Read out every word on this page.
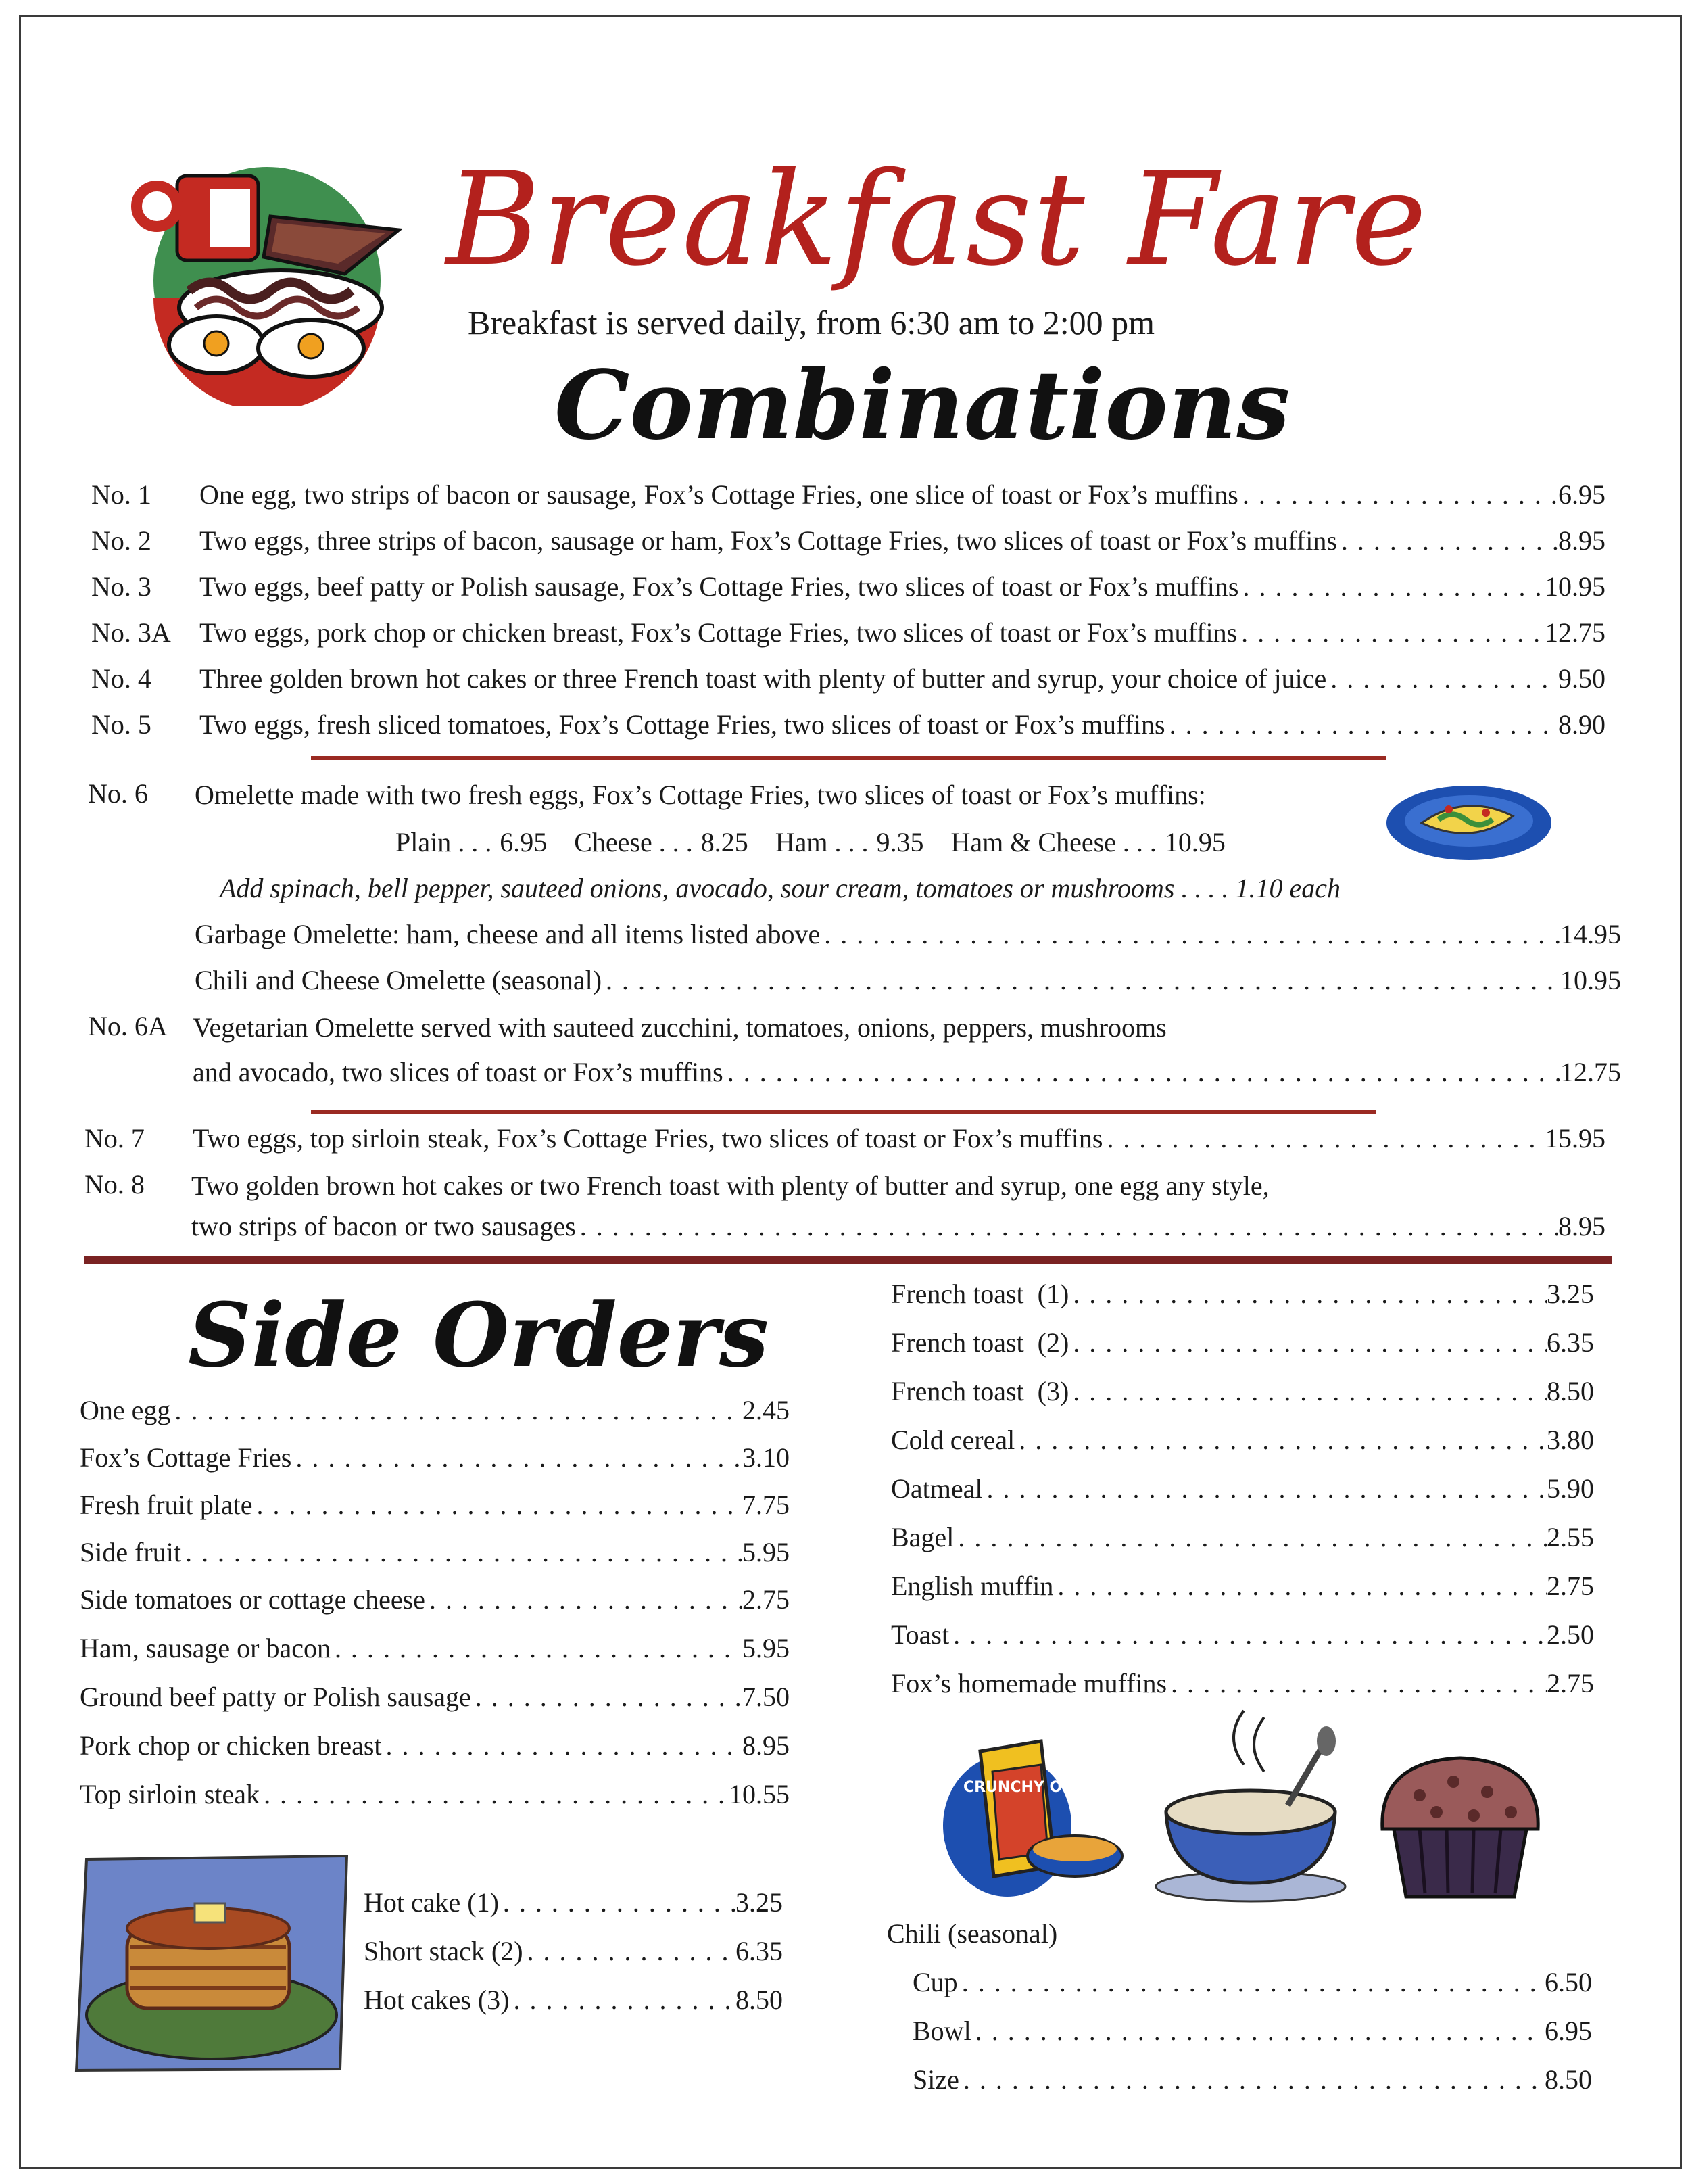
Breakfast Fare
Breakfast is served daily, from 6:30 am to 2:00 pm
Combinations
No. 1	One egg, two strips of bacon or sausage, Fox’s Cottage Fries, one slice of toast or Fox’s muffins . . .	6.95
No. 2	Two eggs, three strips of bacon, sausage or ham, Fox’s Cottage Fries, two slices of toast or Fox’s muffins . . .	8.95
No. 3	Two eggs, beef patty or Polish sausage, Fox’s Cottage Fries, two slices of toast or Fox’s muffins . . .	10.95
No. 3A	Two eggs, pork chop or chicken breast, Fox’s Cottage Fries, two slices of toast or Fox’s muffins . . .	12.75
No. 4	Three golden brown hot cakes or three French toast with plenty of butter and syrup, your choice of juice . . .	9.50
No. 5	Two eggs, fresh sliced tomatoes, Fox’s Cottage Fries, two slices of toast or Fox’s muffins . . .	8.90
No. 6	Omelette made with two fresh eggs, Fox’s Cottage Fries, two slices of toast or Fox’s muffins:
Plain . . . 6.95 Cheese . . . 8.25 Ham . . . 9.35 Ham & Cheese . . . 10.95
Add spinach, bell pepper, sauteed onions, avocado, sour cream, tomatoes or mushrooms . . . . 1.10 each
Garbage Omelette: ham, cheese and all items listed above . . .	14.95
Chili and Cheese Omelette (seasonal) . . .	10.95
No. 6A Vegetarian Omelette served with sauteed zucchini, tomatoes, onions, peppers, mushrooms
and avocado, two slices of toast or Fox’s muffins . . .	12.75
No. 7	Two eggs, top sirloin steak, Fox’s Cottage Fries, two slices of toast or Fox’s muffins . . .	15.95
No. 8 Two golden brown hot cakes or two French toast with plenty of butter and syrup, one egg any style,
two strips of bacon or two sausages . . .	8.95
Side Orders
One egg . . .	2.45
Fox’s Cottage Fries . . .	3.10
Fresh fruit plate . . .	7.75
Side fruit . . .	5.95
Side tomatoes or cottage cheese . . .	2.75
Ham, sausage or bacon . . .	5.95
Ground beef patty or Polish sausage . . .	7.50
Pork chop or chicken breast . . .	8.95
Top sirloin steak . . .	10.55
Hot cake (1) . . .	3.25
Short stack (2) . . .	6.35
Hot cakes (3) . . .	8.50
French toast  (1) . . .	3.25
French toast  (2) . . .	6.35
French toast  (3) . . .	8.50
Cold cereal . . .	3.80
Oatmeal . . .	5.90
Bagel . . .	2.55
English muffin . . .	2.75
Toast . . .	2.50
Fox’s homemade muffins . . .	2.75
CRUNCHY O's
Chili (seasonal)
Cup . . .	6.50
Bowl . . .	6.95
Size . . .	8.50
